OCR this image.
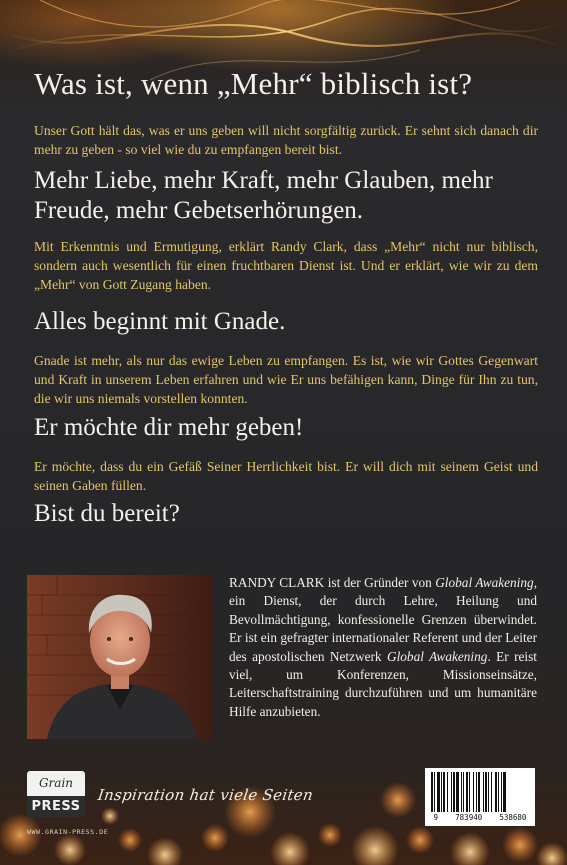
Was ist, wenn „Mehr“ biblisch ist?

Unser Gott hält das, was er uns geben will nicht sorgfältig zurück. Er sehnt sich danach dir mehr zu geben - so viel wie du zu empfangen bereit bist.

Mehr Liebe, mehr Kraft, mehr Glauben, mehr Freude, mehr Gebetserhörungen.

Mit Erkenntnis und Ermutigung, erklärt Randy Clark, dass „Mehr“ nicht nur biblisch, sondern auch wesentlich für einen fruchtbaren Dienst ist. Und er erklärt, wie wir zu dem „Mehr“ von Gott Zugang haben.

Alles beginnt mit Gnade.

Gnade ist mehr, als nur das ewige Leben zu empfangen. Es ist, wie wir Gottes Gegenwart und Kraft in unserem Leben erfahren und wie Er uns befähigen kann, Dinge für Ihn zu tun, die wir uns niemals vorstellen konnten.

Er möchte dir mehr geben!

Er möchte, dass du ein Gefäß Seiner Herrlichkeit bist. Er will dich mit seinem Geist und seinen Gaben füllen.

Bist du bereit?

RANDY CLARK ist der Gründer von Global Awakening, ein Dienst, der durch Lehre, Heilung und Bevollmächtigung, konfessionelle Grenzen überwindet. Er ist ein gefragter internationaler Referent und der Leiter des apostolischen Netzwerk Global Awakening. Er reist viel, um Konferenzen, Missionseinsätze, Leiterschaftstraining durchzuführen und um humanitäre Hilfe anzubieten.

Grain
PRESS
WWW.GRAIN-PRESS.DE
Inspiration hat viele Seiten
9 783940 538680
